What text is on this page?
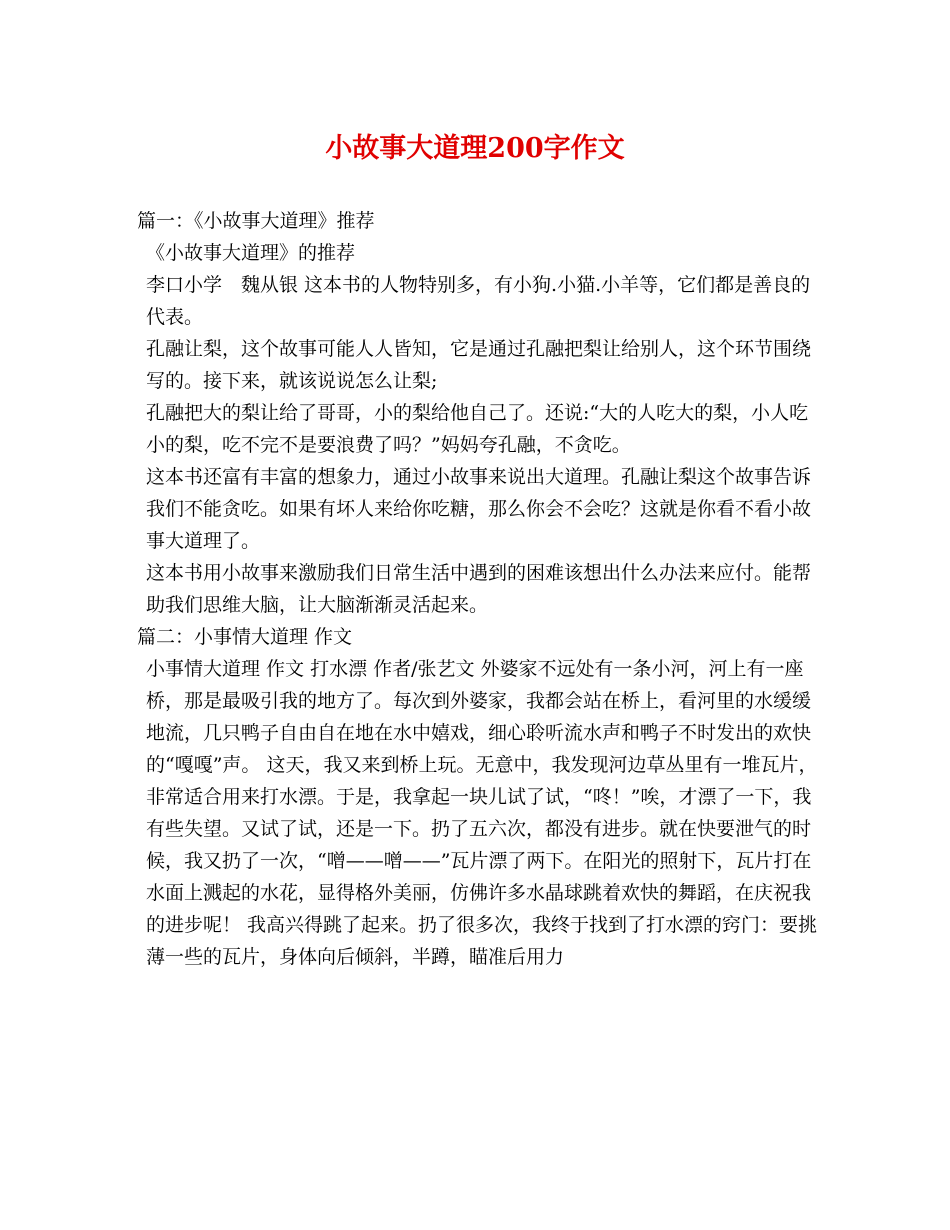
小故事大道理200字作文

篇一：《小故事大道理》推荐

《小故事大道理》的推荐

李口小学　魏从银 这本书的人物特别多，有小狗.小猫.小羊等，它们都是善良的代表。

孔融让梨，这个故事可能人人皆知，它是通过孔融把梨让给别人，这个环节围绕写的。接下来，就该说说怎么让梨;

孔融把大的梨让给了哥哥，小的梨给他自己了。还说:“大的人吃大的梨，小人吃小的梨，吃不完不是要浪费了吗？”妈妈夸孔融，不贪吃。

这本书还富有丰富的想象力，通过小故事来说出大道理。孔融让梨这个故事告诉我们不能贪吃。如果有坏人来给你吃糖，那么你会不会吃？这就是你看不看小故事大道理了。

这本书用小故事来激励我们日常生活中遇到的困难该想出什么办法来应付。能帮助我们思维大脑，让大脑渐渐灵活起来。

篇二：小事情大道理 作文

小事情大道理 作文 打水漂 作者/张艺文 外婆家不远处有一条小河，河上有一座桥，那是最吸引我的地方了。每次到外婆家，我都会站在桥上，看河里的水缓缓地流，几只鸭子自由自在地在水中嬉戏，细心聆听流水声和鸭子不时发出的欢快的“嘎嘎”声。 这天，我又来到桥上玩。无意中，我发现河边草丛里有一堆瓦片，非常适合用来打水漂。于是，我拿起一块儿试了试，“咚！”唉，才漂了一下，我有些失望。又试了试，还是一下。扔了五六次，都没有进步。就在快要泄气的时候，我又扔了一次，“噌——噌——”瓦片漂了两下。在阳光的照射下，瓦片打在水面上溅起的水花，显得格外美丽，仿佛许多水晶球跳着欢快的舞蹈，在庆祝我的进步呢！ 我高兴得跳了起来。扔了很多次，我终于找到了打水漂的窍门：要挑薄一些的瓦片，身体向后倾斜，半蹲，瞄准后用力
